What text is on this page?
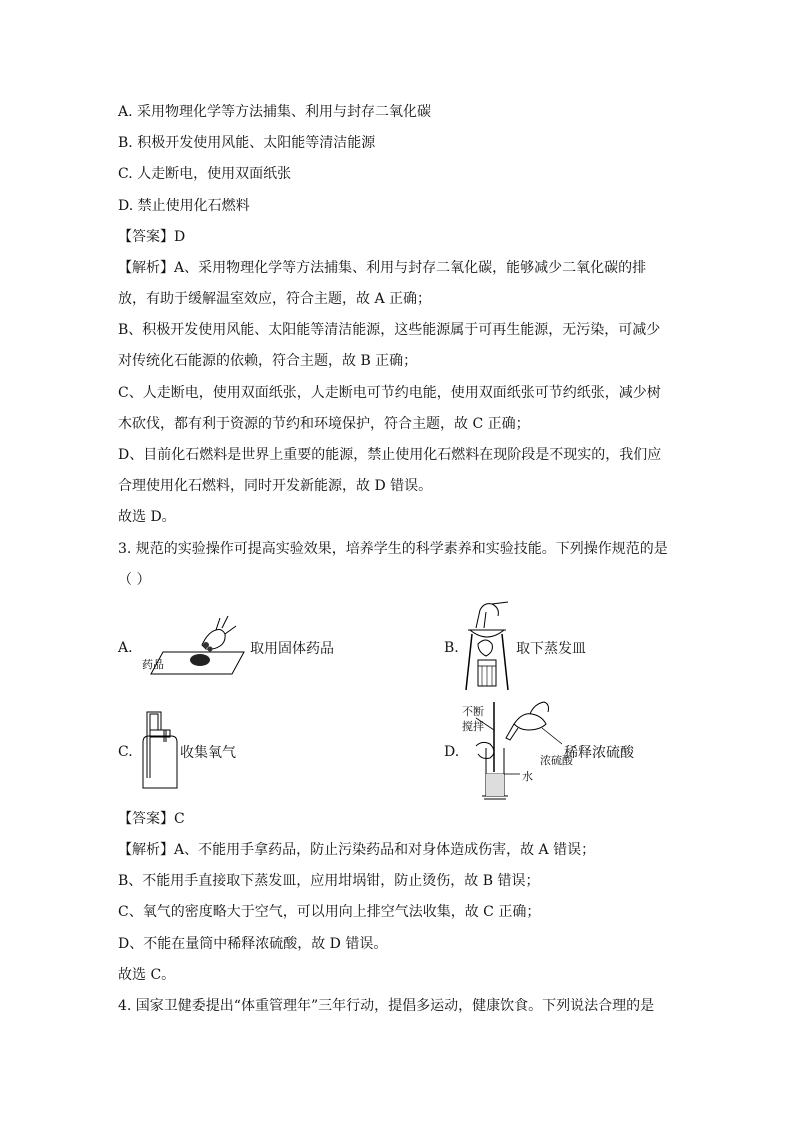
A. 采用物理化学等方法捕集、利用与封存二氧化碳
B. 积极开发使用风能、太阳能等清洁能源
C. 人走断电，使用双面纸张
D. 禁止使用化石燃料
【答案】D
【解析】A、采用物理化学等方法捕集、利用与封存二氧化碳，能够减少二氧化碳的排
放，有助于缓解温室效应，符合主题，故 A 正确；
B、积极开发使用风能、太阳能等清洁能源，这些能源属于可再生能源，无污染，可减少
对传统化石能源的依赖，符合主题，故 B 正确；
C、人走断电，使用双面纸张，人走断电可节约电能，使用双面纸张可节约纸张，减少树
木砍伐，都有利于资源的节约和环境保护，符合主题，故 C 正确；
D、目前化石燃料是世界上重要的能源，禁止使用化石燃料在现阶段是不现实的，我们应
合理使用化石燃料，同时开发新能源，故 D 错误。
故选 D。
3. 规范的实验操作可提高实验效果，培养学生的科学素养和实验技能。下列操作规范的是
（ ）
A.
药品
取用固体药品	B.	取下蒸发皿
C.	收集氧气	D.
不断
搅拌
浓硫酸
水
稀释浓硫酸
【答案】C
【解析】A、不能用手拿药品，防止污染药品和对身体造成伤害，故 A 错误；
B、不能用手直接取下蒸发皿，应用坩埚钳，防止烫伤，故 B 错误；
C、氧气的密度略大于空气，可以用向上排空气法收集，故 C 正确；
D、不能在量筒中稀释浓硫酸，故 D 错误。
故选 C。
4. 国家卫健委提出“体重管理年”三年行动，提倡多运动，健康饮食。下列说法合理的是
